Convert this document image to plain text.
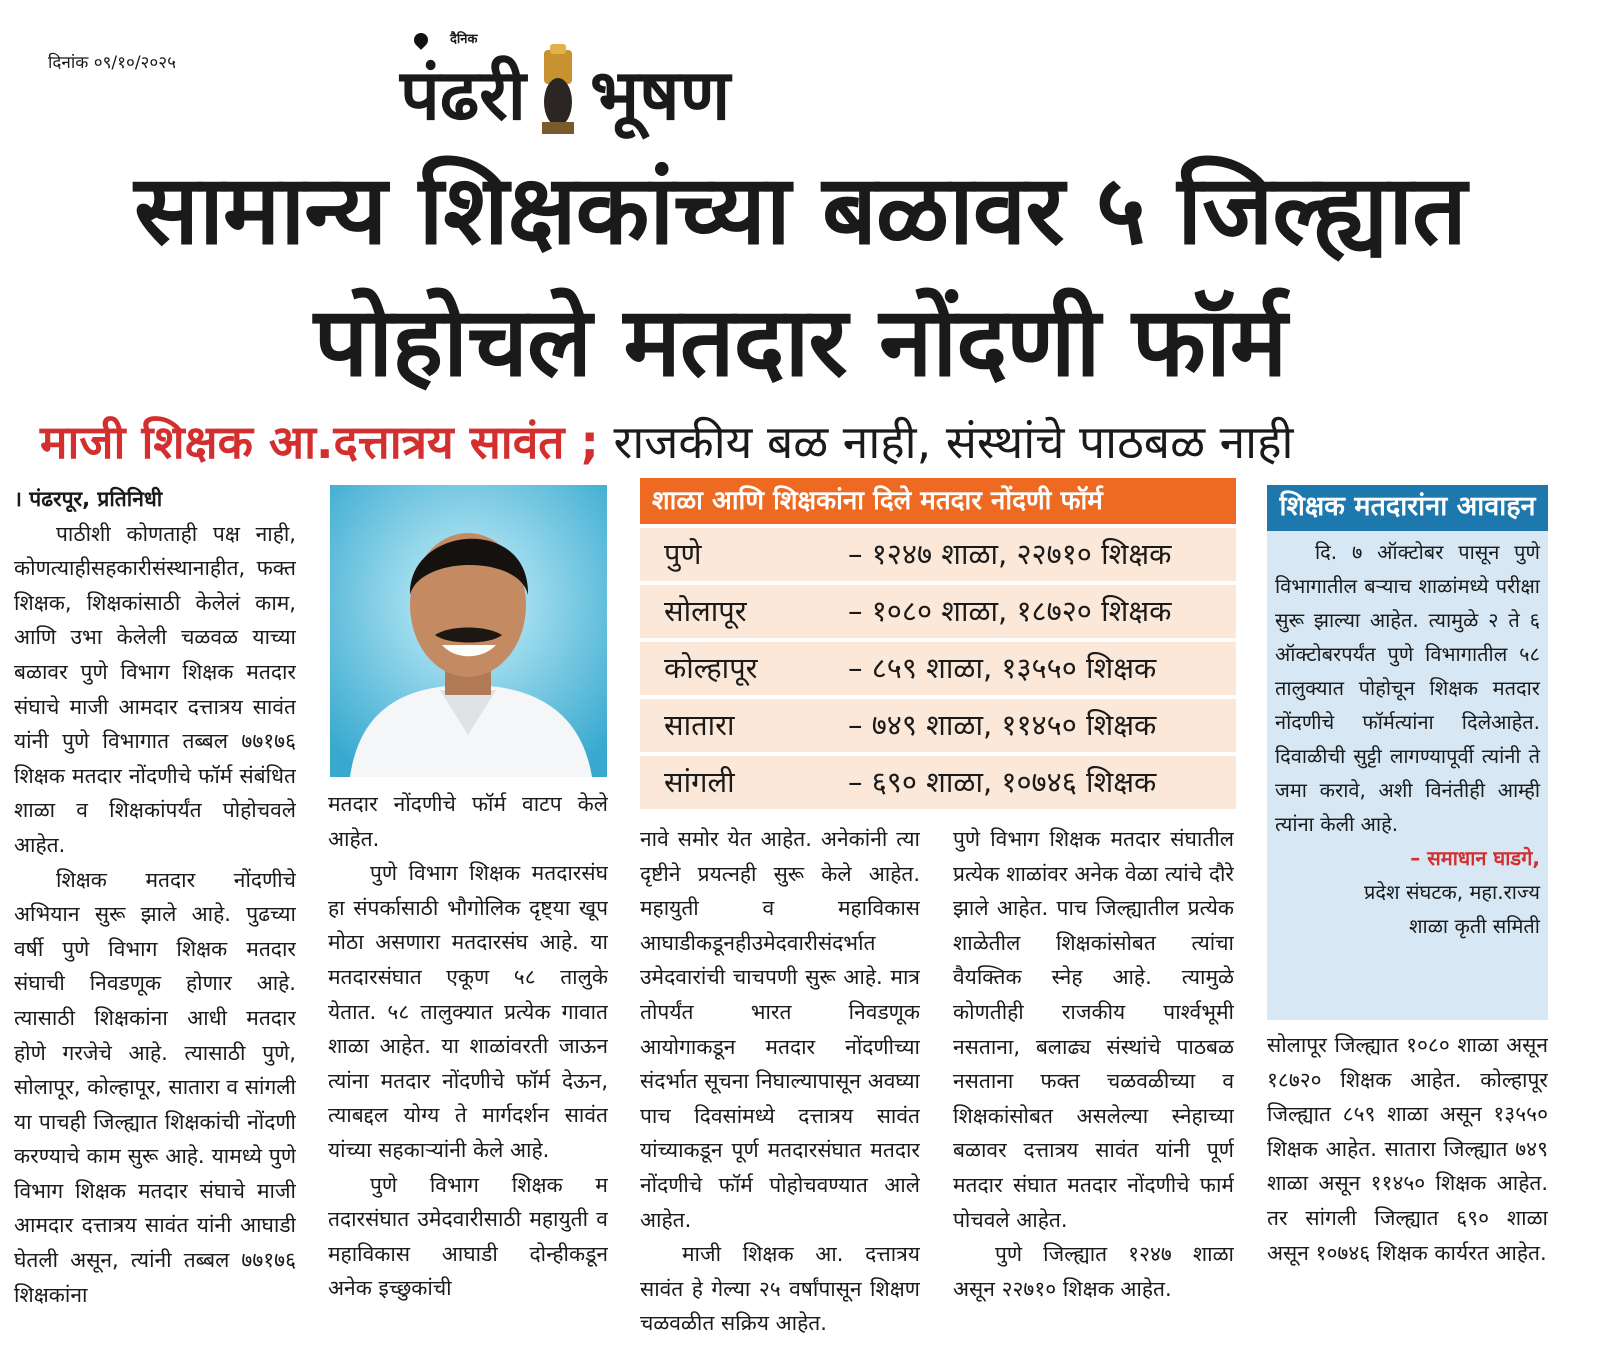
दिनांक ०९/१०/२०२५
दैनिक
पंढरी भूषण
सामान्य शिक्षकांच्या बळावर ५ जिल्ह्यात
पोहोचले मतदार नोंदणी फॉर्म
माजी शिक्षक आ.दत्तात्रय सावंत ; राजकीय बळ नाही, संस्थांचे पाठबळ नाही

। पंढरपूर, प्रतिनिधी

पाठीशी कोणताही पक्ष नाही, कोणत्याहीसहकारीसंस्थानाहीत, फक्त शिक्षक, शिक्षकांसाठी केलेलं काम, आणि उभा केलेली चळवळ याच्या बळावर पुणे विभाग शिक्षक मतदार संघाचे माजी आमदार दत्तात्रय सावंत यांनी पुणे विभागात तब्बल ७७१७६ शिक्षक मतदार नोंदणीचे फॉर्म संबंधित शाळा व शिक्षकांपर्यंत पोहोचवले आहेत.

शिक्षक मतदार नोंदणीचे अभियान सुरू झाले आहे. पुढच्या वर्षी पुणे विभाग शिक्षक मतदार संघाची निवडणूक होणार आहे. त्यासाठी शिक्षकांना आधी मतदार होणे गरजेचे आहे. त्यासाठी पुणे, सोलापूर, कोल्हापूर, सातारा व सांगली या पाचही जिल्ह्यात शिक्षकांची नोंदणी करण्याचे काम सुरू आहे. यामध्ये पुणे विभाग शिक्षक मतदार संघाचे माजी आमदार दत्तात्रय सावंत यांनी आघाडी घेतली असून, त्यांनी तब्बल ७७१७६ शिक्षकांना

मतदार नोंदणीचे फॉर्म वाटप केले आहेत.

पुणे विभाग शिक्षक मतदारसंघ हा संपर्कासाठी भौगोलिक दृष्ट्या खूप मोठा असणारा मतदारसंघ आहे. या मतदारसंघात एकूण ५८ तालुके येतात. ५८ तालुक्यात प्रत्येक गावात शाळा आहेत. या शाळांवरती जाऊन त्यांना मतदार नोंदणीचे फॉर्म देऊन, त्याबद्दल योग्य ते मार्गदर्शन सावंत यांच्या सहकाऱ्यांनी केले आहे.

पुणे विभाग शिक्षक म तदारसंघात उमेदवारीसाठी महायुती व महाविकास आघाडी दोन्हीकडून अनेक इच्छुकांची

शाळा आणि शिक्षकांना दिले मतदार नोंदणी फॉर्म
पुणे	– १२४७ शाळा, २२७१० शिक्षक
सोलापूर	– १०८० शाळा, १८७२० शिक्षक
कोल्हापूर	– ८५९ शाळा, १३५५० शिक्षक
सातारा	– ७४९ शाळा, ११४५० शिक्षक
सांगली	– ६९० शाळा, १०७४६ शिक्षक

नावे समोर येत आहेत. अनेकांनी त्या दृष्टीने प्रयत्नही सुरू केले आहेत. महायुती व महाविकास आघाडीकडूनहीउमेदवारीसंदर्भात उमेदवारांची चाचपणी सुरू आहे. मात्र तोपर्यंत भारत निवडणूक आयोगाकडून मतदार नोंदणीच्या संदर्भात सूचना निघाल्यापासून अवघ्या पाच दिवसांमध्ये दत्तात्रय सावंत यांच्याकडून पूर्ण मतदारसंघात मतदार नोंदणीचे फॉर्म पोहोचवण्यात आले आहेत.

माजी शिक्षक आ. दत्तात्रय सावंत हे गेल्या २५ वर्षांपासून शिक्षण चळवळीत सक्रिय आहेत.

पुणे विभाग शिक्षक मतदार संघातील प्रत्येक शाळांवर अनेक वेळा त्यांचे दौरे झाले आहेत. पाच जिल्ह्यातील प्रत्येक शाळेतील शिक्षकांसोबत त्यांचा वैयक्तिक स्नेह आहे. त्यामुळे कोणतीही राजकीय पार्श्वभूमी नसताना, बलाढ्य संस्थांचे पाठबळ नसताना फक्त चळवळीच्या व शिक्षकांसोबत असलेल्या स्नेहाच्या बळावर दत्तात्रय सावंत यांनी पूर्ण मतदार संघात मतदार नोंदणीचे फार्म पोचवले आहेत.

पुणे जिल्ह्यात १२४७ शाळा असून २२७१० शिक्षक आहेत.

शिक्षक मतदारांना आवाहन

दि. ७ ऑक्टोबर पासून पुणे विभागातील बऱ्याच शाळांमध्ये परीक्षा सुरू झाल्या आहेत. त्यामुळे २ ते ६ ऑक्टोबरपर्यंत पुणे विभागातील ५८ तालुक्यात पोहोचून शिक्षक मतदार नोंदणीचे फॉर्मत्यांना दिलेआहेत. दिवाळीची सुट्टी लागण्यापूर्वी त्यांनी ते जमा करावे, अशी विनंतीही आम्ही त्यांना केली आहे.

– समाधान घाडगे,
प्रदेश संघटक, महा.राज्य
शाळा कृती समिती

सोलापूर जिल्ह्यात १०८० शाळा असून १८७२० शिक्षक आहेत. कोल्हापूर जिल्ह्यात ८५९ शाळा असून १३५५० शिक्षक आहेत. सातारा जिल्ह्यात ७४९ शाळा असून ११४५० शिक्षक आहेत. तर सांगली जिल्ह्यात ६९० शाळा असून १०७४६ शिक्षक कार्यरत आहेत.
